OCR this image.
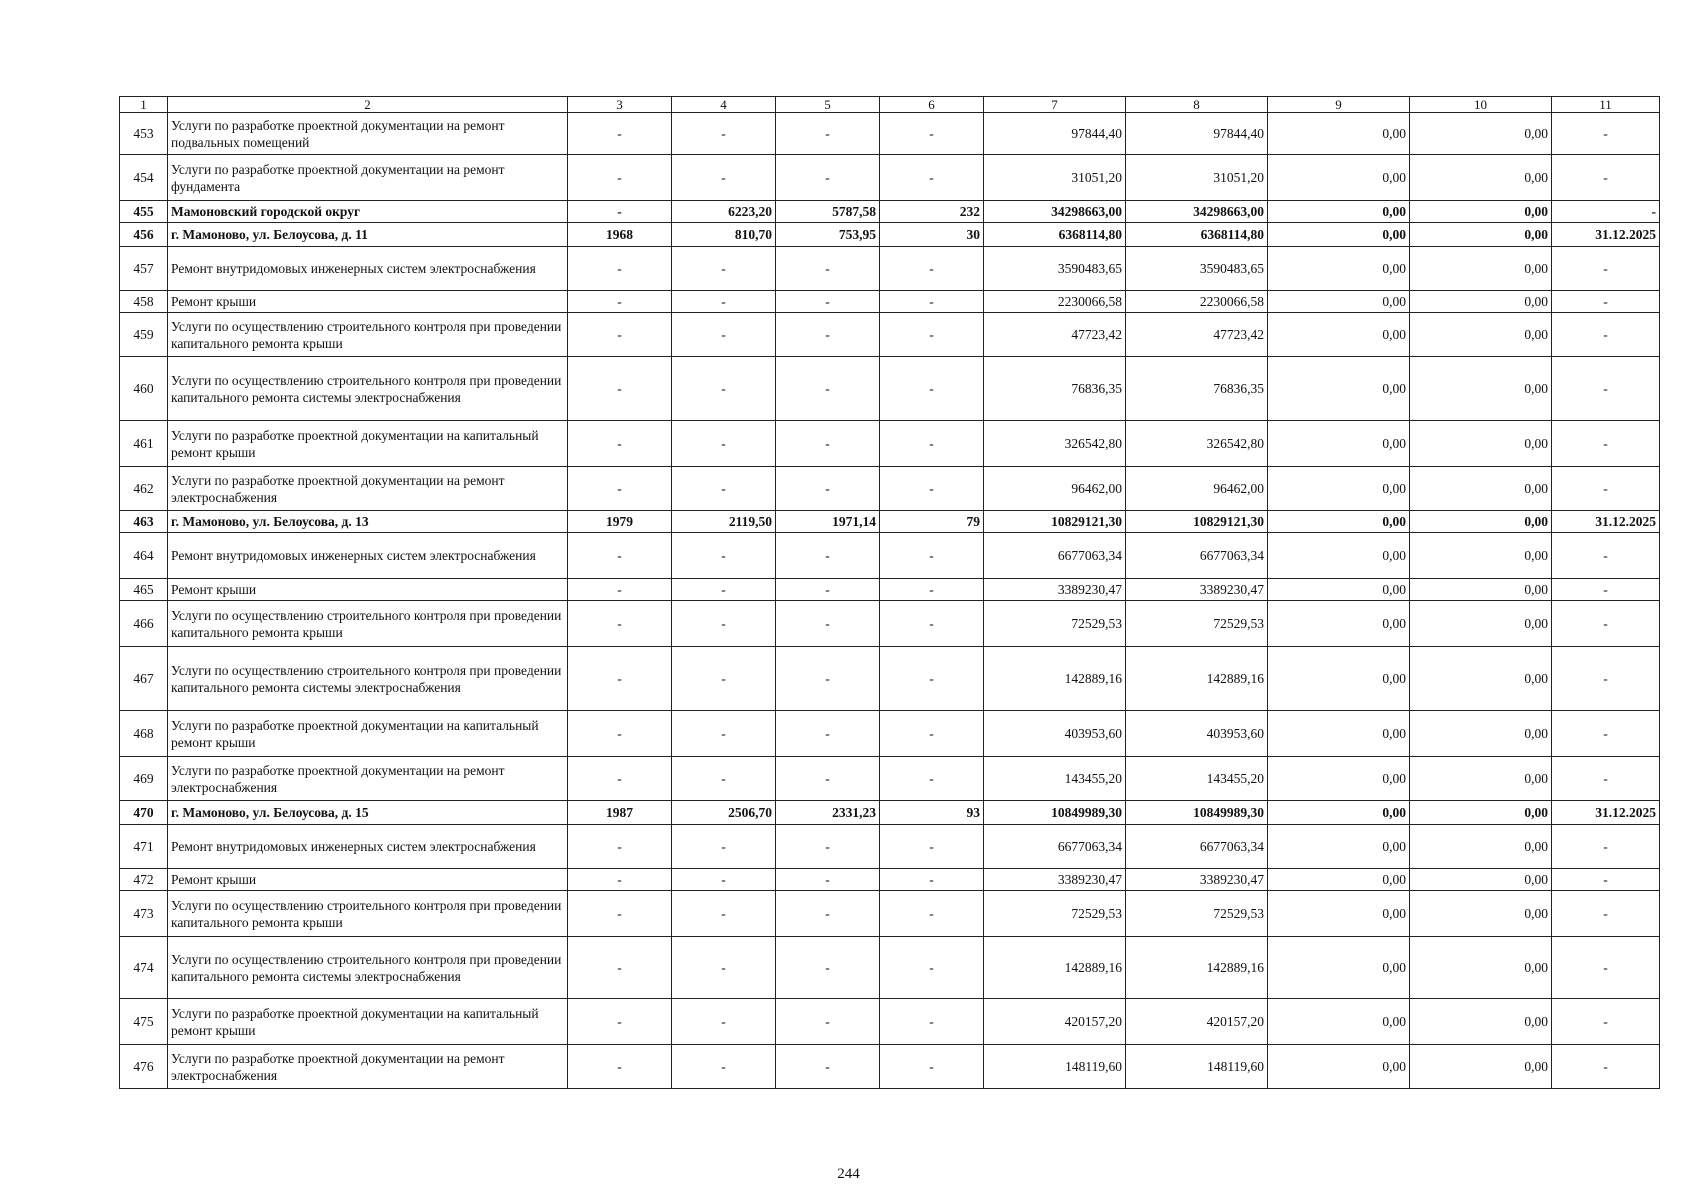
1	2	3	4	5	6	7	8	9	10	11
453	Услуги по разработке проектной документации на ремонт подвальных помещений	-	-	-	-	97844,40	97844,40	0,00	0,00	-
454	Услуги по разработке проектной документации на ремонт фундамента	-	-	-	-	31051,20	31051,20	0,00	0,00	-
455	Мамоновский городской округ	-	6223,20	5787,58	232	34298663,00	34298663,00	0,00	0,00	-
456	г. Мамоново, ул. Белоусова, д. 11	1968	810,70	753,95	30	6368114,80	6368114,80	0,00	0,00	31.12.2025
457	Ремонт внутридомовых инженерных систем электроснабжения	-	-	-	-	3590483,65	3590483,65	0,00	0,00	-
458	Ремонт крыши	-	-	-	-	2230066,58	2230066,58	0,00	0,00	-
459	Услуги по осуществлению строительного контроля при проведении капитального ремонта крыши	-	-	-	-	47723,42	47723,42	0,00	0,00	-
460	Услуги по осуществлению строительного контроля при проведении капитального ремонта системы электроснабжения	-	-	-	-	76836,35	76836,35	0,00	0,00	-
461	Услуги по разработке проектной документации на капитальный ремонт крыши	-	-	-	-	326542,80	326542,80	0,00	0,00	-
462	Услуги по разработке проектной документации на ремонт электроснабжения	-	-	-	-	96462,00	96462,00	0,00	0,00	-
463	г. Мамоново, ул. Белоусова, д. 13	1979	2119,50	1971,14	79	10829121,30	10829121,30	0,00	0,00	31.12.2025
464	Ремонт внутридомовых инженерных систем электроснабжения	-	-	-	-	6677063,34	6677063,34	0,00	0,00	-
465	Ремонт крыши	-	-	-	-	3389230,47	3389230,47	0,00	0,00	-
466	Услуги по осуществлению строительного контроля при проведении капитального ремонта крыши	-	-	-	-	72529,53	72529,53	0,00	0,00	-
467	Услуги по осуществлению строительного контроля при проведении капитального ремонта системы электроснабжения	-	-	-	-	142889,16	142889,16	0,00	0,00	-
468	Услуги по разработке проектной документации на капитальный ремонт крыши	-	-	-	-	403953,60	403953,60	0,00	0,00	-
469	Услуги по разработке проектной документации на ремонт электроснабжения	-	-	-	-	143455,20	143455,20	0,00	0,00	-
470	г. Мамоново, ул. Белоусова, д. 15	1987	2506,70	2331,23	93	10849989,30	10849989,30	0,00	0,00	31.12.2025
471	Ремонт внутридомовых инженерных систем электроснабжения	-	-	-	-	6677063,34	6677063,34	0,00	0,00	-
472	Ремонт крыши	-	-	-	-	3389230,47	3389230,47	0,00	0,00	-
473	Услуги по осуществлению строительного контроля при проведении капитального ремонта крыши	-	-	-	-	72529,53	72529,53	0,00	0,00	-
474	Услуги по осуществлению строительного контроля при проведении капитального ремонта системы электроснабжения	-	-	-	-	142889,16	142889,16	0,00	0,00	-
475	Услуги по разработке проектной документации на капитальный ремонт крыши	-	-	-	-	420157,20	420157,20	0,00	0,00	-
476	Услуги по разработке проектной документации на ремонт электроснабжения	-	-	-	-	148119,60	148119,60	0,00	0,00	-
244
